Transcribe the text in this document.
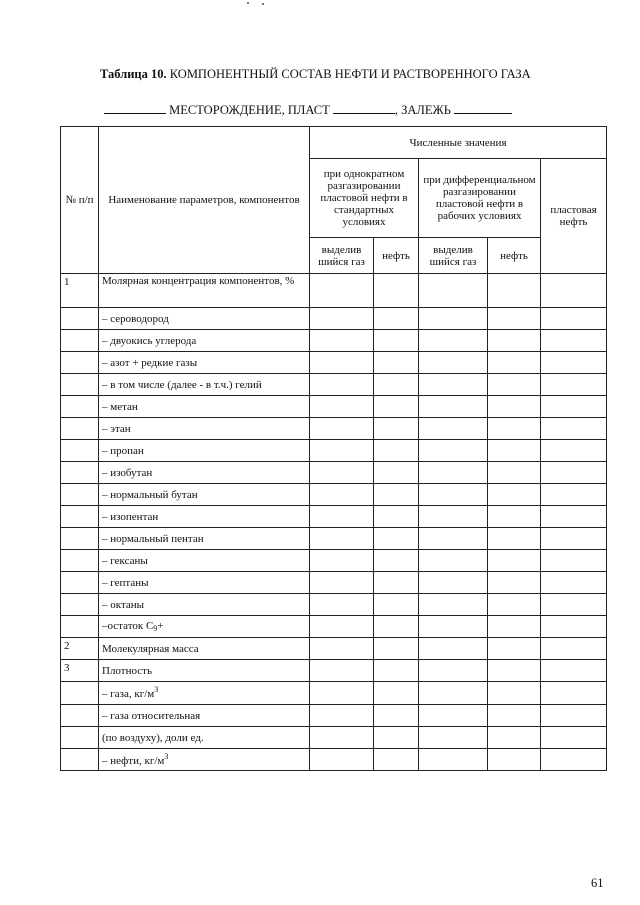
Таблица 10. КОМПОНЕНТНЫЙ СОСТАВ НЕФТИ И РАСТВОРЕННОГО ГАЗА
МЕСТОРОЖДЕНИЕ, ПЛАСТ	, ЗАЛЕЖЬ
№ п/п	Наименование параметров, компонентов	Численные значения				
		при однократном разгазировании пластовой нефти в стандартных условиях		при дифференциальном разгазировании пластовой нефти в рабочих условиях		пластовая нефть
		выделив шийся газ	нефть	выделив шийся газ	нефть	
1	Молярная концентрация компонентов, %					
	– сероводород					
	– двуокись углерода					
	– азот + редкие газы					
	– в том числе (далее - в т.ч.) гелий					
	– метан					
	– этан					
	– пропан					
	– изобутан					
	– нормальный бутан					
	– изопентан					
	– нормальный пентан					
	– гексаны					
	– гептаны					
	– октаны					
	–остаток $C_9+$					
2	Молекулярная масса					
3	Плотность					
	– газа, $кг/м^3$					
	– газа относительная					
	(по воздуху), доли ед.					
	– нефти, $кг/м^3$					
61
